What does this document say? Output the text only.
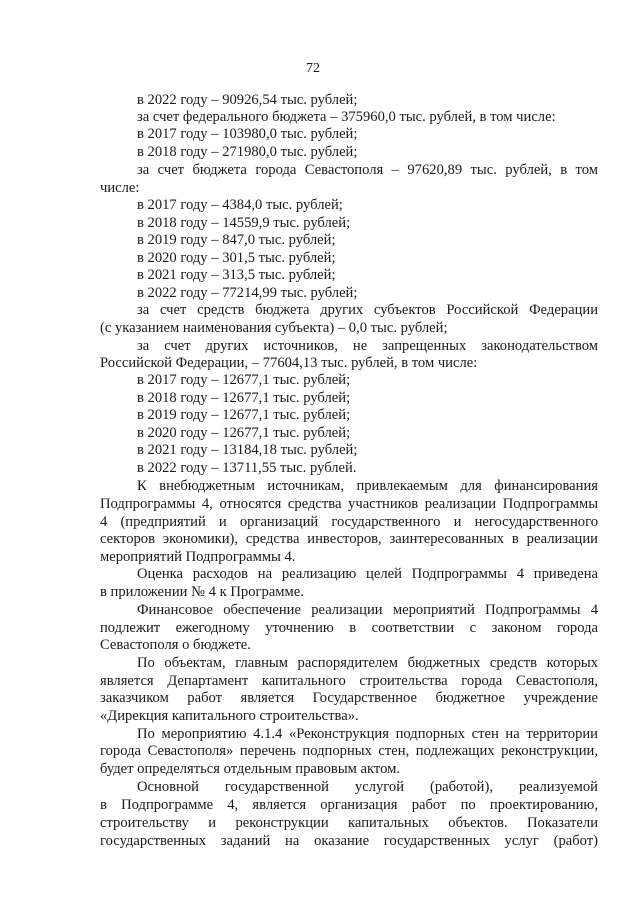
72

в 2022 году – 90926,54 тыс. рублей;

за счет федерального бюджета – 375960,0 тыс. рублей, в том числе:

в 2017 году – 103980,0 тыс. рублей;

в 2018 году – 271980,0 тыс. рублей;

за счет бюджета города Севастополя – 97620,89 тыс. рублей, в том

числе:

в 2017 году – 4384,0 тыс. рублей;

в 2018 году – 14559,9 тыс. рублей;

в 2019 году – 847,0 тыс. рублей;

в 2020 году – 301,5 тыс. рублей;

в 2021 году – 313,5 тыс. рублей;

в 2022 году – 77214,99 тыс. рублей;

за счет средств бюджета других субъектов Российской Федерации

(с указанием наименования субъекта) – 0,0 тыс. рублей;

за счет других источников, не запрещенных законодательством

Российской Федерации, – 77604,13 тыс. рублей, в том числе:

в 2017 году – 12677,1 тыс. рублей;

в 2018 году – 12677,1 тыс. рублей;

в 2019 году – 12677,1 тыс. рублей;

в 2020 году – 12677,1 тыс. рублей;

в 2021 году – 13184,18 тыс. рублей;

в 2022 году – 13711,55 тыс. рублей.

К внебюджетным источникам, привлекаемым для финансирования

Подпрограммы 4, относятся средства участников реализации Подпрограммы

4 (предприятий и организаций государственного и негосударственного

секторов экономики), средства инвесторов, заинтересованных в реализации

мероприятий Подпрограммы 4.

Оценка расходов на реализацию целей Подпрограммы 4 приведена

в приложении № 4 к Программе.

Финансовое обеспечение реализации мероприятий Подпрограммы 4

подлежит ежегодному уточнению в соответствии с законом города

Севастополя о бюджете.

По объектам, главным распорядителем бюджетных средств которых

является Департамент капитального строительства города Севастополя,

заказчиком работ является Государственное бюджетное учреждение

«Дирекция капитального строительства».

По мероприятию 4.1.4 «Реконструкция подпорных стен на территории

города Севастополя» перечень подпорных стен, подлежащих реконструкции,

будет определяться отдельным правовым актом.

Основной государственной услугой (работой), реализуемой

в Подпрограмме 4, является организация работ по проектированию,

строительству и реконструкции капитальных объектов. Показатели

государственных заданий на оказание государственных услуг (работ)
